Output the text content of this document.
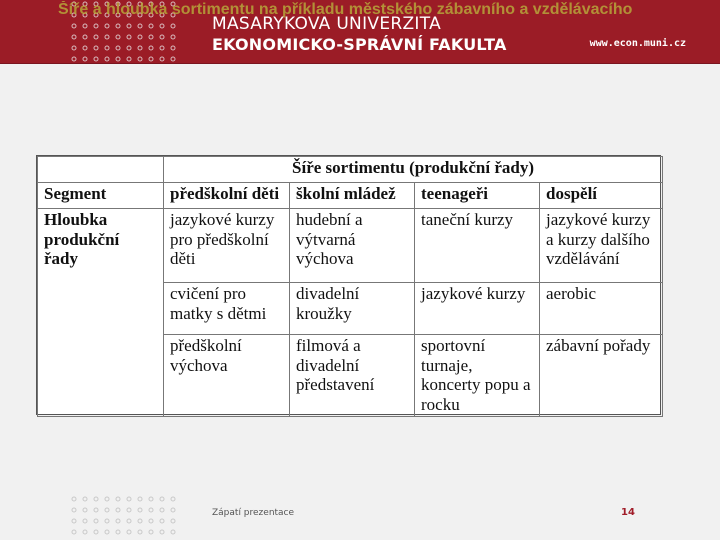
Šíře a hloubka sortimentu na příkladu městského zábavního a vzdělávacího
MASARYKOVA UNIVERZITA
EKONOMICKO-SPRÁVNÍ FAKULTA	www.econ.muni.cz
	Šíře sortimentu (produkční řady)			
Segment	předškolní děti	školní mládež	teenageři	dospělí
Hloubka produkční řady	jazykové kurzy pro předškolní děti	hudební a výtvarná výchova	taneční kurzy	jazykové kurzy a kurzy dalšího vzdělávání
	cvičení pro matky s dětmi	divadelní kroužky	jazykové kurzy	aerobic
	předškolní výchova	filmová a divadelní představení	sportovní turnaje, koncerty popu a rocku	zábavní pořady
Zápatí prezentace	14
